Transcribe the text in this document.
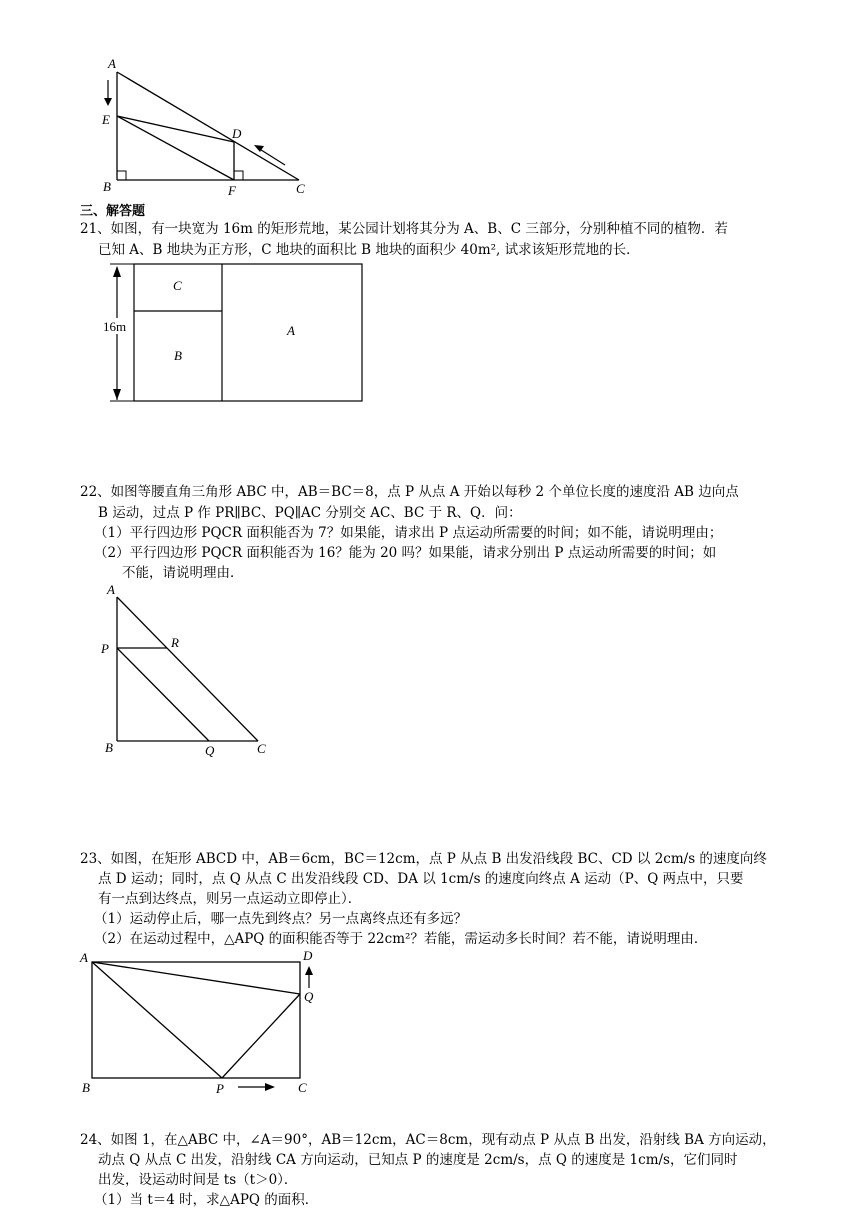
A
E
D
B	F	C
三、解答题
21、如图，有一块宽为 16m 的矩形荒地，某公园计划将其分为 A、B、C 三部分，分别种植不同的植物．若
已知 A、B 地块为正方形，C 地块的面积比 B 地块的面积少 40m², 试求该矩形荒地的长．
16m
C
B
A
22、如图等腰直角三角形 ABC 中，AB＝BC＝8，点 P 从点 A 开始以每秒 2 个单位长度的速度沿 AB 边向点
B 运动，过点 P 作 PR∥BC、PQ∥AC 分别交 AC、BC 于 R、Q．问：
（1）平行四边形 PQCR 面积能否为 7？如果能，请求出 P 点运动所需要的时间；如不能，请说明理由；
（2）平行四边形 PQCR 面积能否为 16？能为 20 吗？如果能，请求分别出 P 点运动所需要的时间；如
不能，请说明理由．
A
P	R
B	Q	C
23、如图，在矩形 ABCD 中，AB＝6cm，BC＝12cm，点 P 从点 B 出发沿线段 BC、CD 以 2cm/s 的速度向终
点 D 运动；同时，点 Q 从点 C 出发沿线段 CD、DA 以 1cm/s 的速度向终点 A 运动（P、Q 两点中，只要
有一点到达终点，则另一点运动立即停止）．
（1）运动停止后，哪一点先到终点？另一点离终点还有多远？
（2）在运动过程中，△APQ 的面积能否等于 22cm²？若能，需运动多长时间？若不能，请说明理由．
A	D
Q
B	P	C
24、如图 1，在△ABC 中，∠A＝90°，AB＝12cm，AC＝8cm，现有动点 P 从点 B 出发，沿射线 BA 方向运动，
动点 Q 从点 C 出发，沿射线 CA 方向运动，已知点 P 的速度是 2cm/s，点 Q 的速度是 1cm/s，它们同时
出发，设运动时间是 ts（t＞0）．
（1）当 t＝4 时，求△APQ 的面积．
